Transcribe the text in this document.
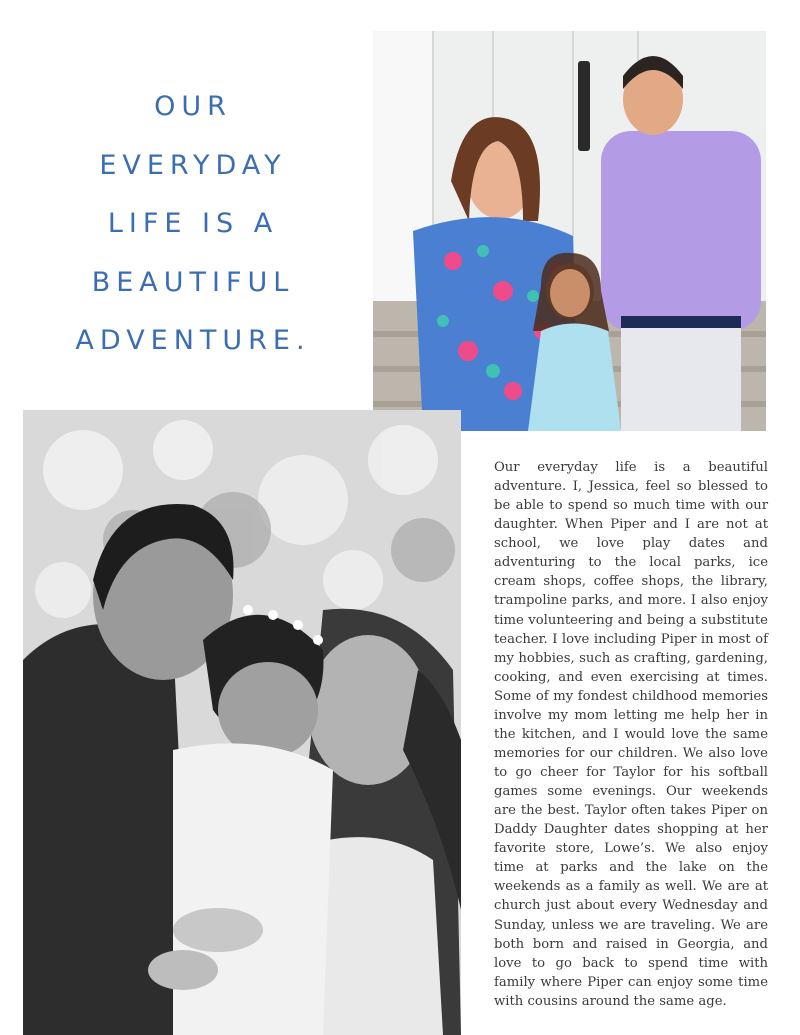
OUR
EVERYDAY
LIFE IS A
BEAUTIFUL
ADVENTURE.
Our everyday life is a beautiful adventure. I, Jessica, feel so blessed to be able to spend so much time with our daughter. When Piper and I are not at school, we love play dates and adventuring to the local parks, ice cream shops, coffee shops, the library, trampoline parks, and more. I also enjoy time volunteering and being a substitute teacher. I love including Piper in most of my hobbies, such as crafting, gardening, cooking, and even exercising at times. Some of my fondest childhood memories involve my mom letting me help her in the kitchen, and I would love the same memories for our children. We also love to go cheer for Taylor for his softball games some evenings. Our weekends are the best. Taylor often takes Piper on Daddy Daughter dates shopping at her favorite store, Lowe’s. We also enjoy time at parks and the lake on the weekends as a family as well. We are at church just about every Wednesday and Sunday, unless we are traveling. We are both born and raised in Georgia, and love to go back to spend time with family where Piper can enjoy some time with cousins around the same age.
